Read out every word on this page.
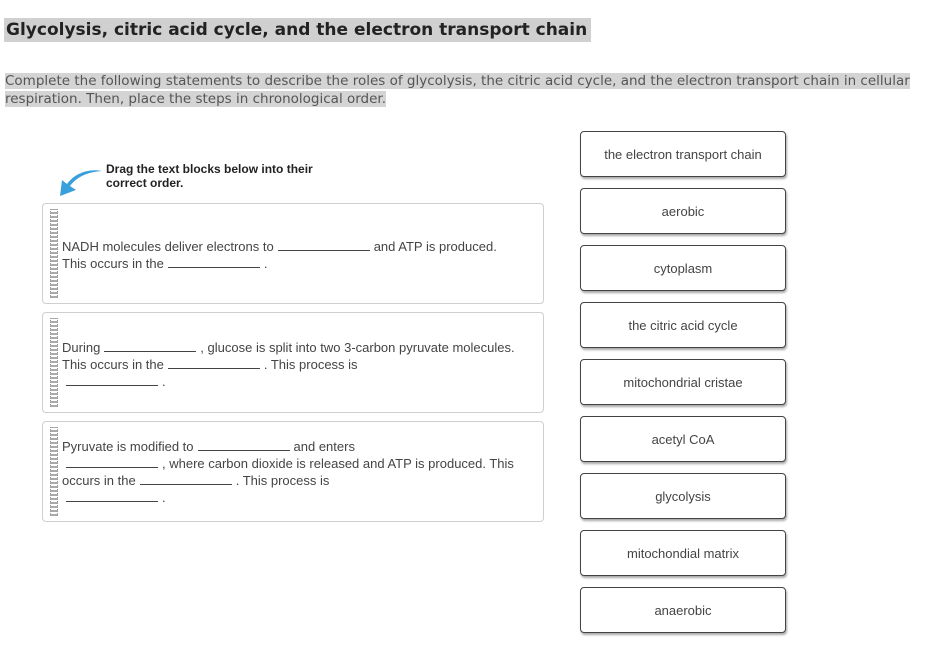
Glycolysis, citric acid cycle, and the electron transport chain
Complete the following statements to describe the roles of glycolysis, the citric acid cycle, and the electron transport chain in cellular respiration. Then, place the steps in chronological order.
Drag the text blocks below into their correct order.
NADH molecules deliver electrons to	and ATP is produced. This occurs in the	.
During	, glucose is split into two 3-carbon pyruvate molecules. This occurs in the	. This process is
.
Pyruvate is modified to	and enters
, where carbon dioxide is released and ATP is produced. This occurs in the	. This process is
.
the electron transport chain
aerobic
cytoplasm
the citric acid cycle
mitochondrial cristae
acetyl CoA
glycolysis
mitochondial matrix
anaerobic
